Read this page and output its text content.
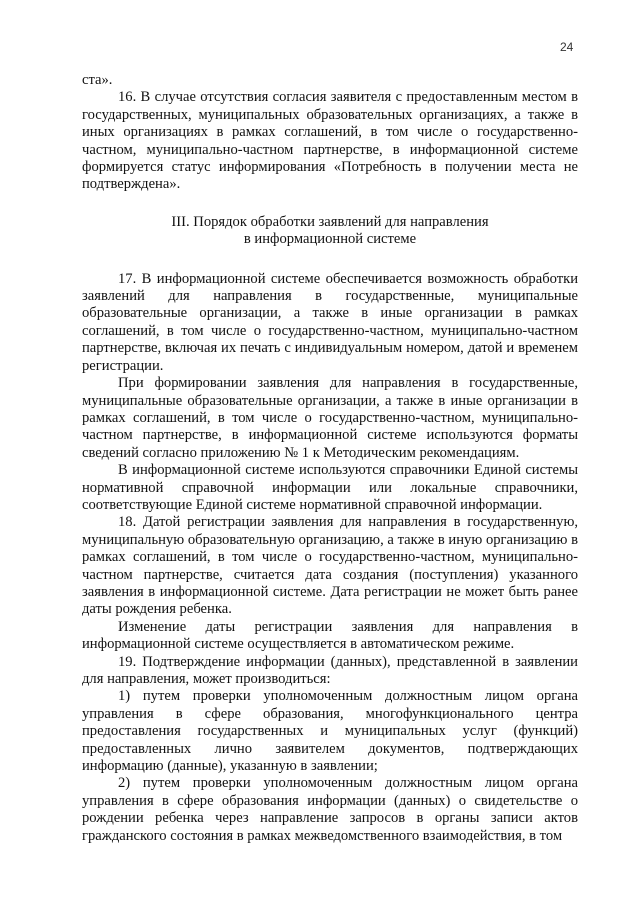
24

ста».

16. В случае отсутствия согласия заявителя с предоставленным местом в государственных, муниципальных образовательных организациях, а также в иных организациях в рамках соглашений, в том числе о государственно-частном, муниципально-частном партнерстве, в информационной системе формируется статус информирования «Потребность в получении места не подтверждена».

III. Порядок обработки заявлений для направления
в информационной системе

17. В информационной системе обеспечивается возможность обработки заявлений для направления в государственные, муниципальные образовательные организации, а также в иные организации в рамках соглашений, в том числе о государственно-частном, муниципально-частном партнерстве, включая их печать с индивидуальным номером, датой и временем регистрации.

При формировании заявления для направления в государственные, муниципальные образовательные организации, а также в иные организации в рамках соглашений, в том числе о государственно-частном, муниципально-частном партнерстве, в информационной системе используются форматы сведений согласно приложению № 1 к Методическим рекомендациям.

В информационной системе используются справочники Единой системы нормативной справочной информации или локальные справочники, соответствующие Единой системе нормативной справочной информации.

18. Датой регистрации заявления для направления в государственную, муниципальную образовательную организацию, а также в иную организацию в рамках соглашений, в том числе о государственно-частном, муниципально-частном партнерстве, считается дата создания (поступления) указанного заявления в информационной системе. Дата регистрации не может быть ранее даты рождения ребенка.

Изменение даты регистрации заявления для направления в информационной системе осуществляется в автоматическом режиме.

19. Подтверждение информации (данных), представленной в заявлении для направления, может производиться:

1) путем проверки уполномоченным должностным лицом органа управления в сфере образования, многофункционального центра предоставления государственных и муниципальных услуг (функций) предоставленных лично заявителем документов, подтверждающих информацию (данные), указанную в заявлении;

2) путем проверки уполномоченным должностным лицом органа управления в сфере образования информации (данных) о свидетельстве о рождении ребенка через направление запросов в органы записи актов гражданского состояния в рамках межведомственного взаимодействия, в том
